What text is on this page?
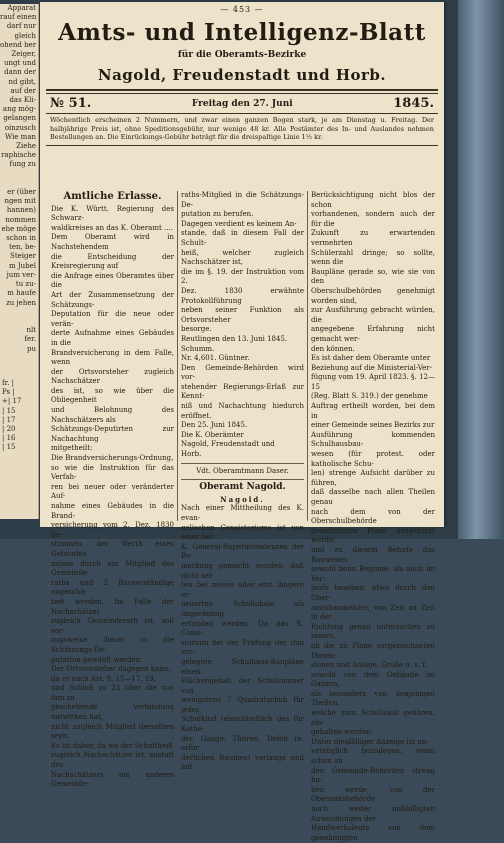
Apparat
rauf einen
darf nur
gleich
ohend ber
Zeiger,
ungt und
dann der
nd gibt,
auf der
das Kli-
ang mög-
gelangen
oinzusch
Wie man
Ziehe
raphische
fung zu

er (über
ngen mit
hannen)
nommen
ehe möge
schon in
ten, be-
Steiger
m Jubel
jum ver-
tu zu-
m haufe
zu jehen

nlt
fer.
pu
fr. |
Ps |
+| 17
| 15
| 17
| 20
| 16
| 15
— 453 —
Amts- und Intelligenz-Blatt
für die Oberamts-Bezirke
Nagold, Freudenstadt und Horb.
№ 51.	Freitag den 27. Juni	1845.
Wöchentlich erscheinen 2 Nummern, und zwar einen ganzen Bogen stark, je am Dienstag u. Freitag. Der halbjährige Preis ist, ohne Speditionsgebühr, nur wenige 48 kr. Alle Postämter des In- und Auslandes nehmen Bestellungen an. Die Einrückungs-Gebühr beträgt für die dreispaltige Linie 1½ kr.
Amtliche Erlasse.

Die K. Württ. Regierung des Schwarz-

waldkreises an das K. Oberamt ....

Dem Oberamt wird in Nachstehendem

die Entscheidung der Kreisregierung auf

die Anfrage eines Oberamtes über die

Art der Zusammensetzung der Schätzungs-

Deputation für die neue oder verän-

derte Aufnahme eines Gebäudes in die

Brandversicherung in dem Falle, wenn

der Ortsvorsteher zugleich Nachschätzer

des ist, so wie über die Obliegenheit

und Belohnung des Nachschätzers als

Schätzungs-Deputirten zur Nachachtung

mitgetheilt:

Die Brandversicherungs-Ordnung,

so wie die Instruktion für das Verfah-

ren bei neuer oder veränderter Auf-

nahme eines Gebäudes in die Brand-

versicherung vom 2. Dez. 1830 be-

stimmen, der Werth eines Gebäudes

müsse durch ein Mitglied des Gemeinde-

raths und 2 Bauverständige angeschä-

tzet werden. Im Falle der Nachschätzer

zugleich Gemeinderath ist, soll vor-

zugsweise dieser in die Schätzungs-De-

putation gewählt werden.

Der Ortsvorsteher dagegen kann,

da er nach Art. 8, 15—17, 19,

und Schluß zu 23 über die von ihm zu

geschehende Verbindung mitwirken hat,

nicht zugleich Mitglied derselben seyn.

Es ist daher, da wo der Schultheiß

zugleich Nachschätzer ist, anstatt des

Nachschätzers ein anderes Gemeinde-

raths-Mitglied in die Schätzungs-De-

putation zu berufen.

Dagegen verdient es keinem An-

stande, daß in diesem Fall der Schult-

heiß, welcher zugleich Nachschätzer ist,

die im §. 19. der Instruktion vom 2.

Dez. 1830 erwähnte Protokollführung

neben seiner Funktion als Ortsvorsteher

besorge.

Reutlingen den 13. Juni 1845.

Schumm.

Nr. 4,601. Güntner.

Den Gemeinde-Behörden wird vor-

stehender Regierungs-Erlaß zur Kennt-

niß und Nachachtung hiedurch eröffnet.

Den 25. Juni 1845.

Die K. Oberämter

Nagold, Freudenstadt und

Horb.

Vdt. Oberamtmann Daser.
Oberamt Nagold.
Nagold.

Nach einer Mittheilung des K. evan-

gelischen Consistoriums ist von einer bei

K. General-Superintendenzen der Be-

merkung gemacht worden, daß nicht sel-

ten bei neuen oder erst längere er-

neuerten Schullokale als ungeräumig

erfunden werden. Da das K. Consi-

storium bei der Prüfung der ihm vor-

gelegten Schulhaus-Baupläne einen

Flächengehalt der Schulzimmer von

wenigstens 7 Quadratschuh für jedes

Schulkind (einschließlich des für Kathe-

der, Gänge, Thüren, Defen re. erfor-

derlichen Raumes) verlange und auf

Berücksichtigung nicht blos der schon

vorhandenen, sondern auch der für die

Zukunft zu erwartenden vermehrten

Schülerzahl dringe; so sollte, wenn die

Baupläne gerade so, wie sie von den

Oberschulbehörden genehmigt worden sind,

zur Ausführung gebracht würden, die

angegebene Erfahrung nicht gemacht wer-

den können.

Es ist daher dem Oberamte unter

Beziehung auf die Ministerial-Ver-

fügung vom 19. April 1823. §. 12—15

(Reg. Blatt S. 319.) der genehme

Auftrag ertheilt worden, bei dem in

einer Gemeinde seines Bezirks zur

Ausführung kommenden Schulhausbau-

wesen (für protest. oder katholische Schu-

len) strenge Aufsicht darüber zu führen,

daß dasselbe nach allen Theilen genau

nach dem von der Oberschulbehörde

genehmigten Plane ausgeführt werde,

und zu diesem Behufe das Bauwesen

sowohl beim Beginne, als auch im Ver-

laufe besehen, etwa durch den Ober-

amtsbaumeister, von Zeit zu Zeit in der

Richtung genau untersuchen zu lassen,

ob die im Plane vorgezeichneten Dimen-

sionen und Anlage, Größe u. s. f.

sowohl von dem Gebäude im Ganzen,

als besonders von denjenigen Theilen,

welche zum Schullokal gehören, ein-

gehalten werden.

Unter diesfälliger Anzeige ist un-

verzüglich beizulegen, wenn schon an

den Gemeinde-Behörden streng ha-

ben werde, von der Oberamtsbehörde

noch weiter mißbilligten Anwendungen der

Handwerksleute von dem genehmigten
